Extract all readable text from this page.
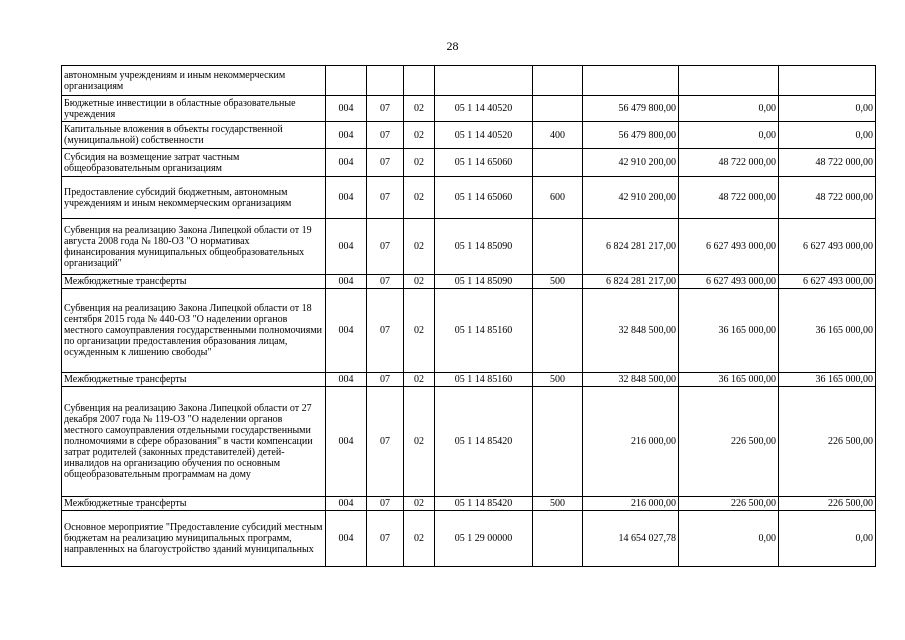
28
автономным учреждениям и иным некоммерческим организациям								
Бюджетные инвестиции в областные образовательные учреждения	004	07	02	05 1 14 40520		56 479 800,00	0,00	0,00
Капитальные вложения в объекты государственной (муниципальной) собственности	004	07	02	05 1 14 40520	400	56 479 800,00	0,00	0,00
Субсидия на возмещение затрат частным общеобразовательным организациям	004	07	02	05 1 14 65060		42 910 200,00	48 722 000,00	48 722 000,00
Предоставление субсидий бюджетным, автономным учреждениям и иным некоммерческим организациям	004	07	02	05 1 14 65060	600	42 910 200,00	48 722 000,00	48 722 000,00
Субвенция на реализацию Закона Липецкой области от 19 августа 2008 года № 180-ОЗ "О нормативах финансирования муниципальных общеобразовательных организаций"	004	07	02	05 1 14 85090		6 824 281 217,00	6 627 493 000,00	6 627 493 000,00
Межбюджетные трансферты	004	07	02	05 1 14 85090	500	6 824 281 217,00	6 627 493 000,00	6 627 493 000,00
Субвенция на реализацию Закона Липецкой области от 18 сентября 2015 года № 440-ОЗ "О наделении органов местного самоуправления государственными полномочиями по организации предоставления образования лицам, осужденным к лишению свободы"	004	07	02	05 1 14 85160		32 848 500,00	36 165 000,00	36 165 000,00
Межбюджетные трансферты	004	07	02	05 1 14 85160	500	32 848 500,00	36 165 000,00	36 165 000,00
Субвенция на реализацию Закона Липецкой области от 27 декабря 2007 года № 119-ОЗ "О наделении органов местного самоуправления отдельными государственными полномочиями в сфере образования" в части компенсации затрат родителей (законных представителей) детей-инвалидов на организацию обучения по основным общеобразовательным программам на дому	004	07	02	05 1 14 85420		216 000,00	226 500,00	226 500,00
Межбюджетные трансферты	004	07	02	05 1 14 85420	500	216 000,00	226 500,00	226 500,00
Основное мероприятие "Предоставление субсидий местным бюджетам на реализацию муниципальных программ, направленных на благоустройство зданий муниципальных	004	07	02	05 1 29 00000		14 654 027,78	0,00	0,00
